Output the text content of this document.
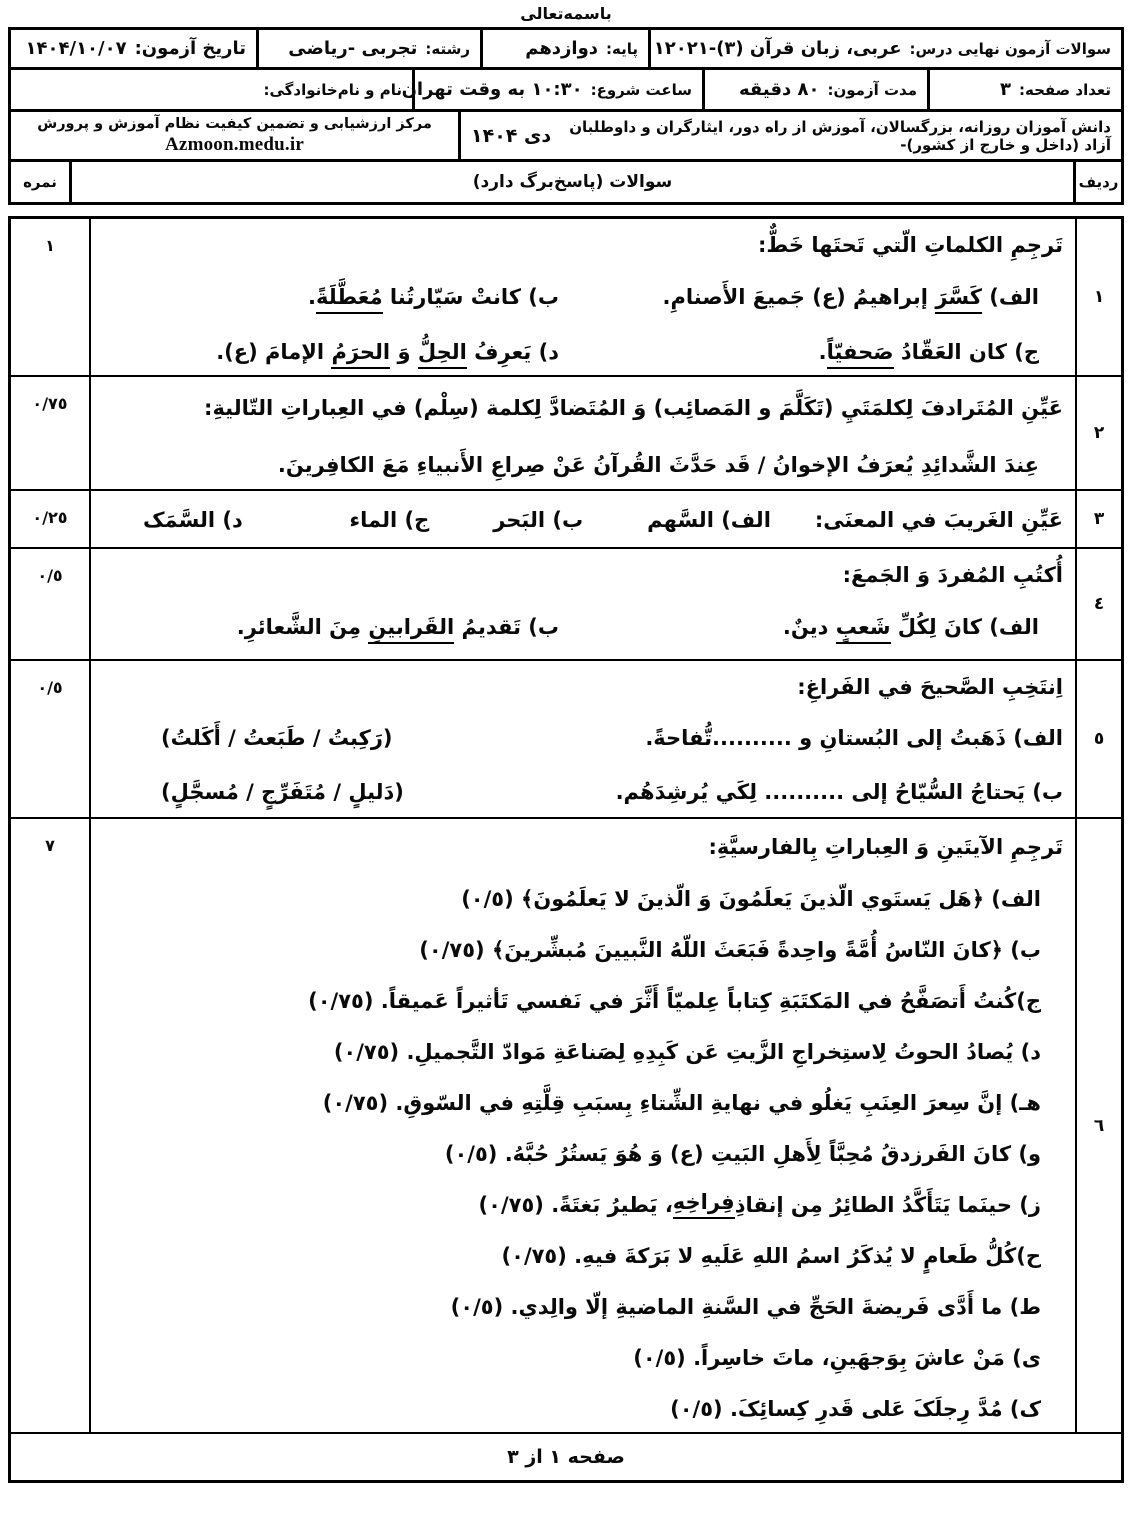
باسمه‌تعالی
سوالات آزمون نهایی درس:
عربی، زبان قرآن (۳)-۱۲۰۲۱
پایه:
دوازدهم
رشته:
تجربی -ریاضی
تاریخ آزمون:
۱۴۰۴/۱۰/۰۷
تعداد صفحه:
۳
مدت آزمون:
۸۰ دقیقه
ساعت شروع:
۱۰:۳۰ به وقت تهران
نام و نام‌خانوادگی:
دانش آموزان روزانه، بزرگسالان، آموزش از راه دور، ایثارگران و داوطلبان آزاد (داخل و خارج از کشور)-
دی ۱۴۰۴
مرکز ارزشیابی و تضمین کیفیت نظام آموزش و پرورش
Azmoon.medu.ir
ردیف
سوالات (پاسخ‌برگ دارد)
نمره
۱
تَرجِمِ الکلماتِ الّتي تَحتَها خَطٌّ:
الف) کَسَّرَ إبراهیمُ (ع) جَمیعَ الأَصنامِ.
ب) کانتْ سَیّارتُنا مُعَطَّلَةً.
ج) کان العَقّادُ صَحفیّاً.
د) یَعرِفُ الحِلُّ وَ الحرَمُ الإمامَ (ع).
۱
۲
عَیِّنِ المُتَرادفَ لِکلمَتَيِ (تَکَلَّمَ و المَصائِب) وَ المُتَضادَّ لِکلمة (سِلْم) في العِباراتِ التّالیةِ:
عِندَ الشَّدائِدِ یُعرَفُ الإخوانُ / قَد حَدَّثَ القُرآنُ عَنْ صِراعِ الأَنبیاءِ مَعَ الکافِرینَ.
٠/٧٥
۳
عَیِّنِ الغَریبَ في المعنَی:
الف) السَّهم
ب) البَحر
ج) الماء
د) السَّمَک
٠/٢٥
٤
أُکتُبِ المُفردَ وَ الجَمعَ:
الف) کانَ لِکُلِّ شَعبٍ دینٌ.
ب) تَقدیمُ القَرابینِ مِنَ الشَّعائرِ.
٠/٥
٥
اِنتَخِبِ الصَّحیحَ في الفَراغِ:
الف) ذَهَبتُ إلی البُستانِ و ..........تُّفاحةً.
(رَکِبتُ / طَبَعتُ / أَکَلتُ)
ب) یَحتاجُ السُّیّاحُ إلی .......... لِکَي یُرشِدَهُم.
(دَلیلٍ / مُتَفَرِّجٍ / مُسجَّلٍ)
٠/٥
٦
تَرجِمِ الآیتَینِ وَ العِباراتِ بِالفارسیَّةِ:
الف) ﴿هَل یَستَوي الّذینَ یَعلَمُونَ وَ الّذینَ لا یَعلَمُونَ﴾ (٠/٥)
ب) ﴿کانَ النّاسُ أُمَّةً واحِدةً فَبَعَثَ اللّهُ النَّبیینَ مُبشِّرینَ﴾ (٠/٧٥)
ج)کُنتُ أَتصَفَّحُ في المَکتَبَةِ کِتاباً عِلمیّاً أَثَّرَ في نَفسي تَأثیراً عَمیقاً. (٠/٧٥)
د) یُصادُ الحوتُ لِاستِخراجِ الزَّیتِ عَن کَبِدِهِ لِصَناعَةِ مَوادّ التَّجمیلِ. (٠/٧٥)
هـ) إنَّ سِعرَ العِنَبِ یَغلُو في نهایةِ الشِّتاءِ بِسبَبِ قِلَّتِهِ في السّوقِ. (٠/٧٥)
و) کانَ الفَرزدقُ مُحِبَّاً لِأَهلِ البَیتِ (ع) وَ هُوَ یَستُرُ حُبَّهُ. (٠/٥)
ز) حینَما یَتَأَکَّدُ الطائِرُ مِن إنقاذِ
فِراخِهِ
، یَطیرُ بَغتَةً. (٠/٧٥)
ح)کُلُّ طَعامٍ لا یُذکَرُ اسمُ اللهِ عَلَیهِ لا بَرَکةَ فیهِ. (٠/٧٥)
ط) ما أَدَّی فَریضةَ الحَجِّ في السَّنةِ الماضیةِ إلّا والِدي. (٠/٥)
ی) مَنْ عاشَ بِوَجهَینِ، ماتَ خاسِراً. (٠/٥)
ک) مُدَّ رِجلَکَ عَلی قَدرِ کِسائِکَ. (٠/٥)
٧
صفحه ۱ از ۳
